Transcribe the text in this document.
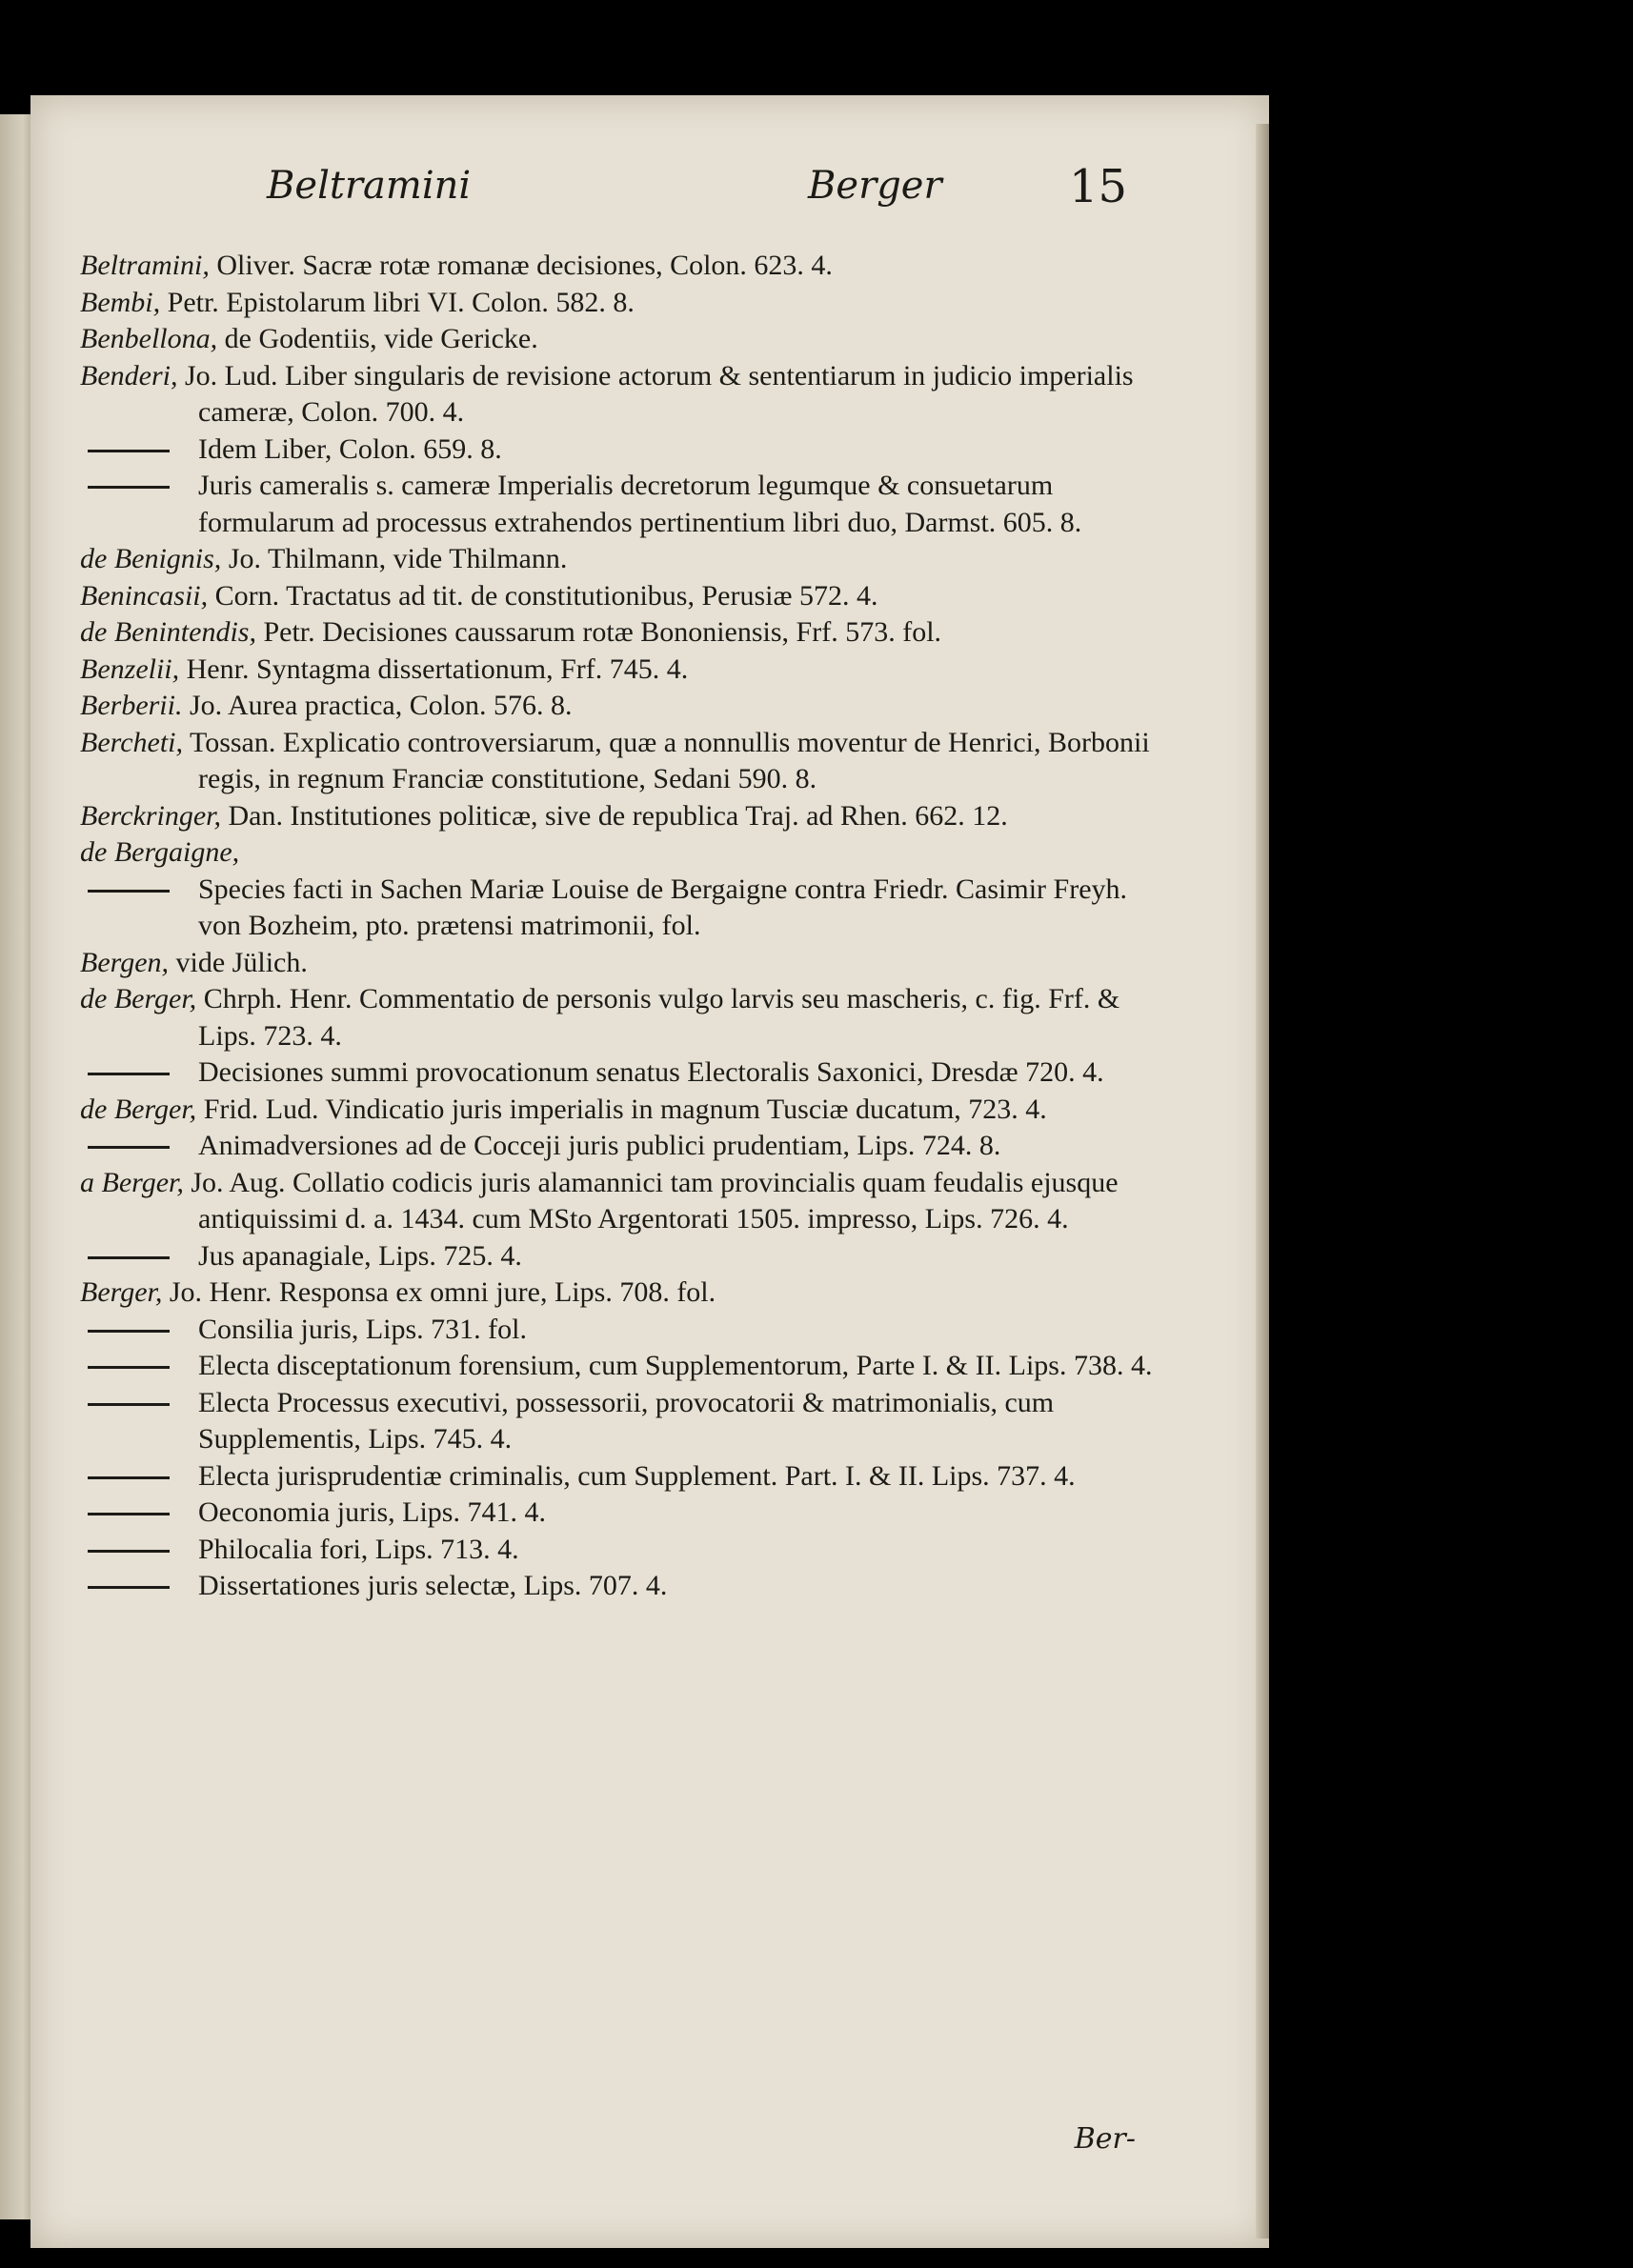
Beltramini	Berger	15
Beltramini, Oliver. Sacræ rotæ romanæ decisiones, Colon. 623. 4.
Bembi, Petr. Epistolarum libri VI. Colon. 582. 8.
Benbellona, de Godentiis, vide Gericke.
Benderi, Jo. Lud. Liber singularis de revisione actorum & sententiarum in judicio imperialis cameræ, Colon. 700. 4.
Idem Liber, Colon. 659. 8.
Juris cameralis s. cameræ Imperialis decretorum legumque & consuetarum formularum ad processus extrahendos pertinentium libri duo, Darmst. 605. 8.
de Benignis, Jo. Thilmann, vide Thilmann.
Benincasii, Corn. Tractatus ad tit. de constitutionibus, Perusiæ 572. 4.
de Benintendis, Petr. Decisiones caussarum rotæ Bononiensis, Frf. 573. fol.
Benzelii, Henr. Syntagma dissertationum, Frf. 745. 4.
Berberii. Jo. Aurea practica, Colon. 576. 8.
Bercheti, Tossan. Explicatio controversiarum, quæ a nonnullis moventur de Henrici, Borbonii regis, in regnum Franciæ constitutione, Sedani 590. 8.
Berckringer, Dan. Institutiones politicæ, sive de republica Traj. ad Rhen. 662. 12.
de Bergaigne,
Species facti in Sachen Mariæ Louise de Bergaigne contra Friedr. Casimir Freyh. von Bozheim, pto. prætensi matrimonii, fol.
Bergen, vide Jülich.
de Berger, Chrph. Henr. Commentatio de personis vulgo larvis seu mascheris, c. fig. Frf. & Lips. 723. 4.
Decisiones summi provocationum senatus Electoralis Saxonici, Dresdæ 720. 4.
de Berger, Frid. Lud. Vindicatio juris imperialis in magnum Tusciæ ducatum, 723. 4.
Animadversiones ad de Cocceji juris publici prudentiam, Lips. 724. 8.
a Berger, Jo. Aug. Collatio codicis juris alamannici tam provincialis quam feudalis ejusque antiquissimi d. a. 1434. cum MSto Argentorati 1505. impresso, Lips. 726. 4.
Jus apanagiale, Lips. 725. 4.
Berger, Jo. Henr. Responsa ex omni jure, Lips. 708. fol.
Consilia juris, Lips. 731. fol.
Electa disceptationum forensium, cum Supplementorum, Parte I. & II. Lips. 738. 4.
Electa Processus executivi, possessorii, provocatorii & matrimonialis, cum Supplementis, Lips. 745. 4.
Electa jurisprudentiæ criminalis, cum Supplement. Part. I. & II. Lips. 737. 4.
Oeconomia juris, Lips. 741. 4.
Philocalia fori, Lips. 713. 4.
Dissertationes juris selectæ, Lips. 707. 4.
Ber-
